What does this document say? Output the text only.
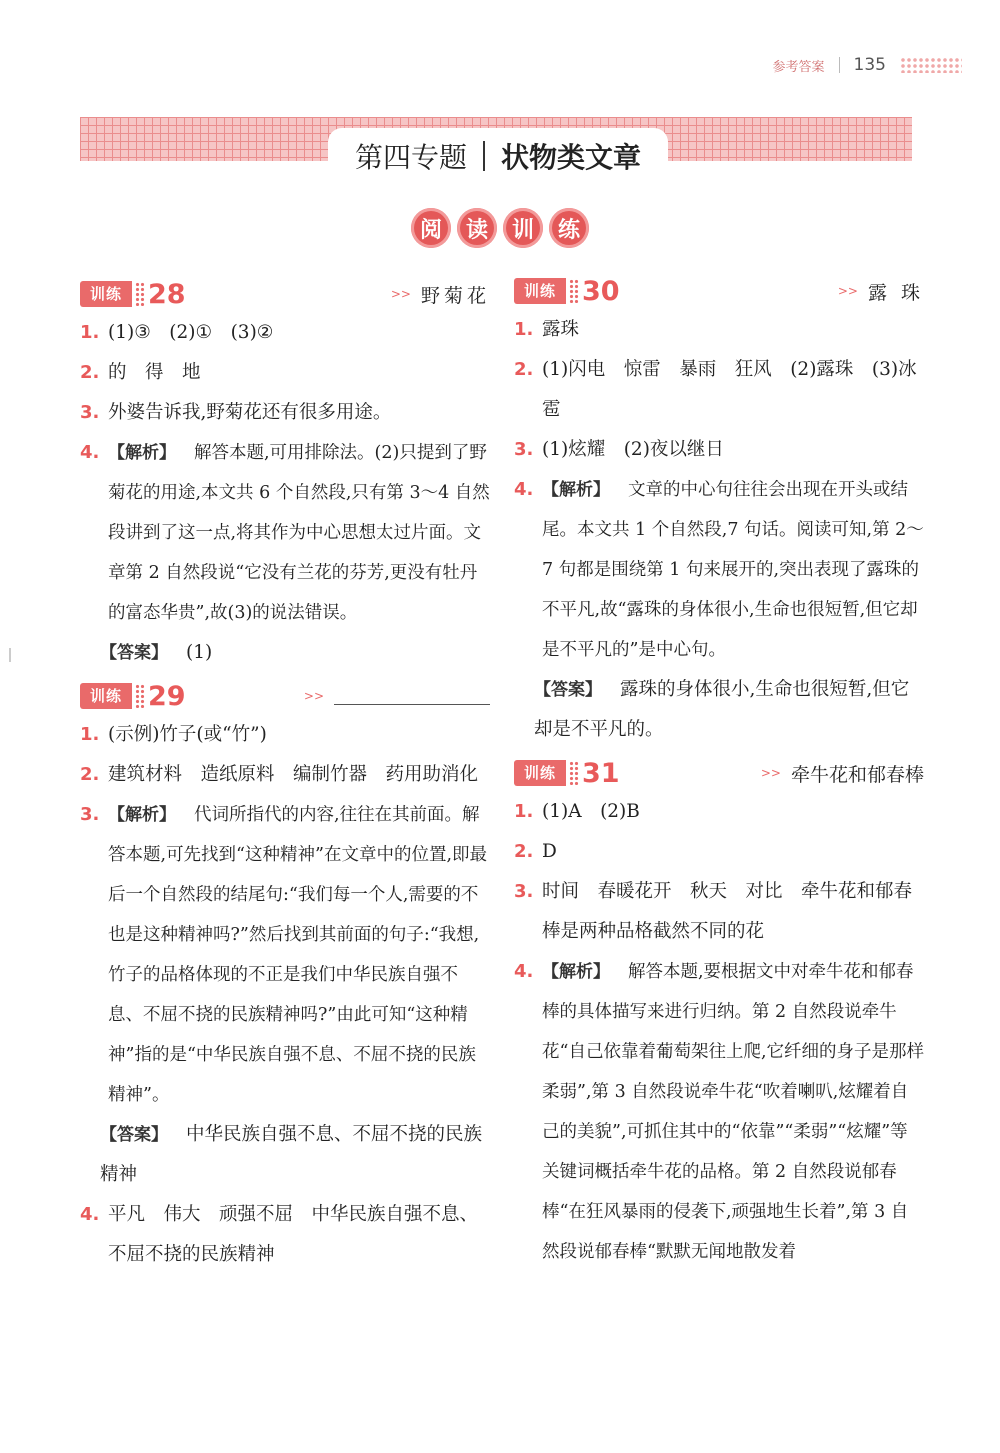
参考答案 135
第四专题 状物类文章
阅	读	训	练
训练 28	>> 野菊花
1. (1)③　(2)①　(3)②
2. 的　得　地
3. 外婆告诉我,野菊花还有很多用途。
4. 【解析】 解答本题,可用排除法。(2)只提到了野菊花的用途,本文共 6 个自然段,只有第 3～4 自然段讲到了这一点,将其作为中心思想太过片面。文章第 2 自然段说“它没有兰花的芬芳,更没有牡丹的富态华贵”,故(3)的说法错误。
【答案】 (1)
训练 29	>>
1. (示例)竹子(或“竹”)
2. 建筑材料　造纸原料　编制竹器　药用助消化
3. 【解析】 代词所指代的内容,往往在其前面。解答本题,可先找到“这种精神”在文章中的位置,即最后一个自然段的结尾句:“我们每一个人,需要的不也是这种精神吗?”然后找到其前面的句子:“我想,竹子的品格体现的不正是我们中华民族自强不息、不屈不挠的民族精神吗?”由此可知“这种精神”指的是“中华民族自强不息、不屈不挠的民族精神”。
【答案】 中华民族自强不息、不屈不挠的民族精神
4. 平凡　伟大　顽强不屈　中华民族自强不息、不屈不挠的民族精神
训练 30	>> 露 珠
1. 露珠
2. (1)闪电　惊雷　暴雨　狂风　(2)露珠　(3)冰雹
3. (1)炫耀　(2)夜以继日
4. 【解析】 文章的中心句往往会出现在开头或结尾。本文共 1 个自然段,7 句话。阅读可知,第 2～7 句都是围绕第 1 句来展开的,突出表现了露珠的不平凡,故“露珠的身体很小,生命也很短暂,但它却是不平凡的”是中心句。
【答案】 露珠的身体很小,生命也很短暂,但它却是不平凡的。
训练 31	>> 牵牛花和郁春棒
1. (1)A　(2)B
2. D
3. 时间　春暖花开　秋天　对比　牵牛花和郁春棒是两种品格截然不同的花
4. 【解析】 解答本题,要根据文中对牵牛花和郁春棒的具体描写来进行归纳。第 2 自然段说牵牛花“自己依靠着葡萄架往上爬,它纤细的身子是那样柔弱”,第 3 自然段说牵牛花“吹着喇叭,炫耀着自己的美貌”,可抓住其中的“依靠”“柔弱”“炫耀”等关键词概括牵牛花的品格。第 2 自然段说郁春棒“在狂风暴雨的侵袭下,顽强地生长着”,第 3 自然段说郁春棒“默默无闻地散发着
